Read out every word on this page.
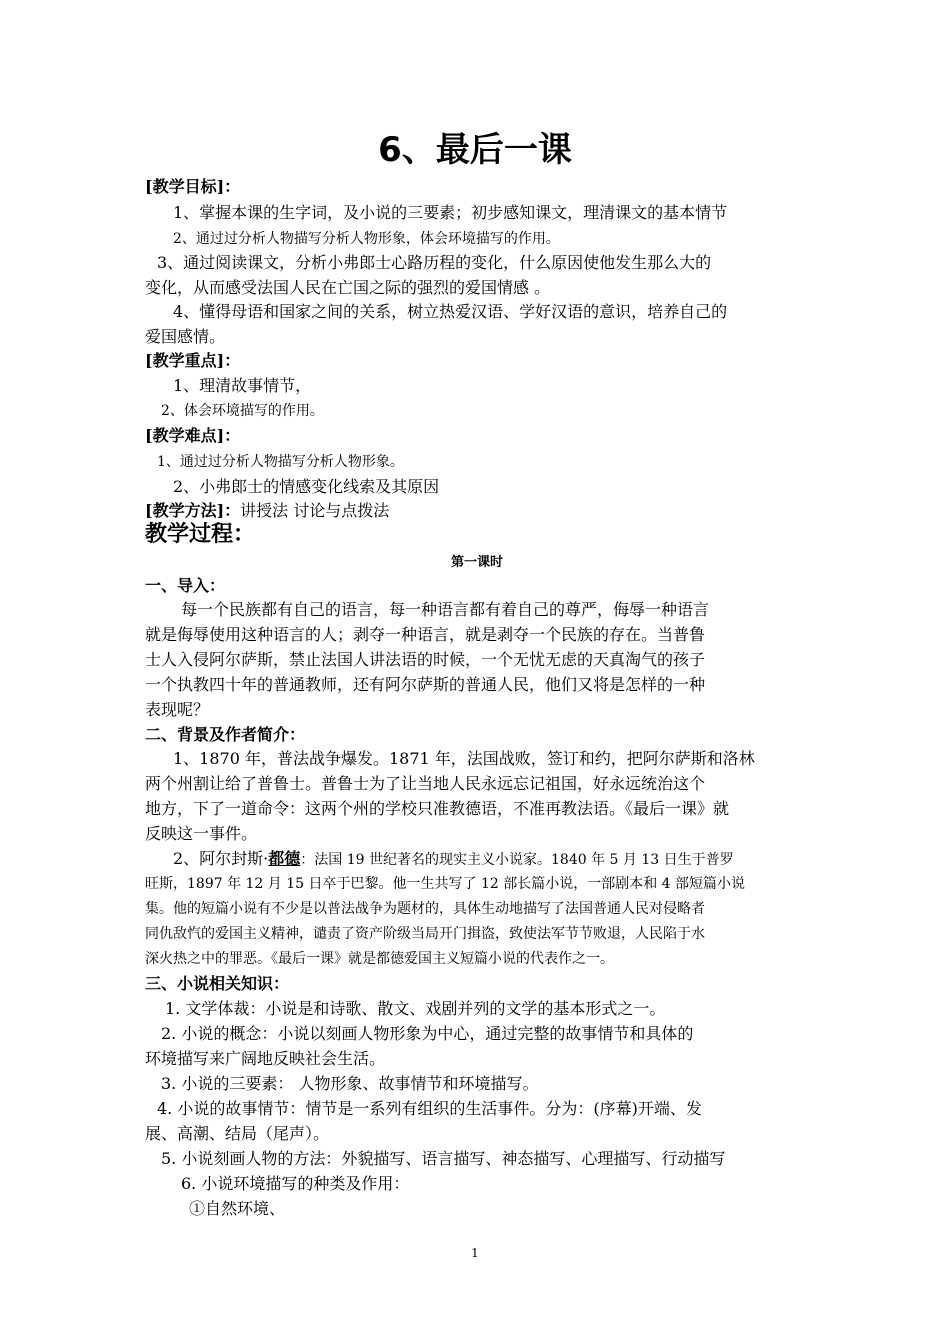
6、最后一课
[教学目标]：
1、掌握本课的生字词，及小说的三要素；初步感知课文，理清课文的基本情节
2、通过过分析人物描写分析人物形象，体会环境描写的作用。
3、通过阅读课文，分析小弗郎士心路历程的变化，什么原因使他发生那么大的
变化，从而感受法国人民在亡国之际的强烈的爱国情感 。
4、懂得母语和国家之间的关系，树立热爱汉语、学好汉语的意识，培养自己的
爱国感情。
[教学重点]：
1、理清故事情节，
2、体会环境描写的作用。
[教学难点]：
1、通过过分析人物描写分析人物形象。
2、小弗郎士的情感变化线索及其原因
[教学方法]：讲授法 讨论与点拨法
教学过程：
第一课时
一、导入：
每一个民族都有自己的语言，每一种语言都有着自己的尊严，侮辱一种语言
就是侮辱使用这种语言的人；剥夺一种语言，就是剥夺一个民族的存在。当普鲁
士人入侵阿尔萨斯，禁止法国人讲法语的时候，一个无忧无虑的天真淘气的孩子
一个执教四十年的普通教师，还有阿尔萨斯的普通人民，他们又将是怎样的一种
表现呢？
二、背景及作者简介：
1、1870 年，普法战争爆发。1871 年，法国战败，签订和约，把阿尔萨斯和洛林
两个州割让给了普鲁士。普鲁士为了让当地人民永远忘记祖国，好永远统治这个
地方，下了一道命令：这两个州的学校只准教德语，不准再教法语。《最后一课》就
反映这一事件。
2、阿尔封斯·都德：法国 19 世纪著名的现实主义小说家。1840 年 5 月 13 日生于普罗
旺斯，1897 年 12 月 15 日卒于巴黎。他一生共写了 12 部长篇小说，一部剧本和 4 部短篇小说
集。他的短篇小说有不少是以普法战争为题材的，具体生动地描写了法国普通人民对侵略者
同仇敌忾的爱国主义精神，谴责了资产阶级当局开门揖盗，致使法军节节败退，人民陷于水
深火热之中的罪恶。《最后一课》就是都德爱国主义短篇小说的代表作之一。
三、小说相关知识：
1. 文学体裁：小说是和诗歌、散文、戏剧并列的文学的基本形式之一。
2. 小说的概念：小说以刻画人物形象为中心，通过完整的故事情节和具体的
环境描写来广阔地反映社会生活。
3. 小说的三要素： 人物形象、故事情节和环境描写。
4. 小说的故事情节：情节是一系列有组织的生活事件。分为：(序幕)开端、发
展、高潮、结局（尾声）。
5. 小说刻画人物的方法：外貌描写、语言描写、神态描写、心理描写、行动描写
6. 小说环境描写的种类及作用：
①自然环境、
1
